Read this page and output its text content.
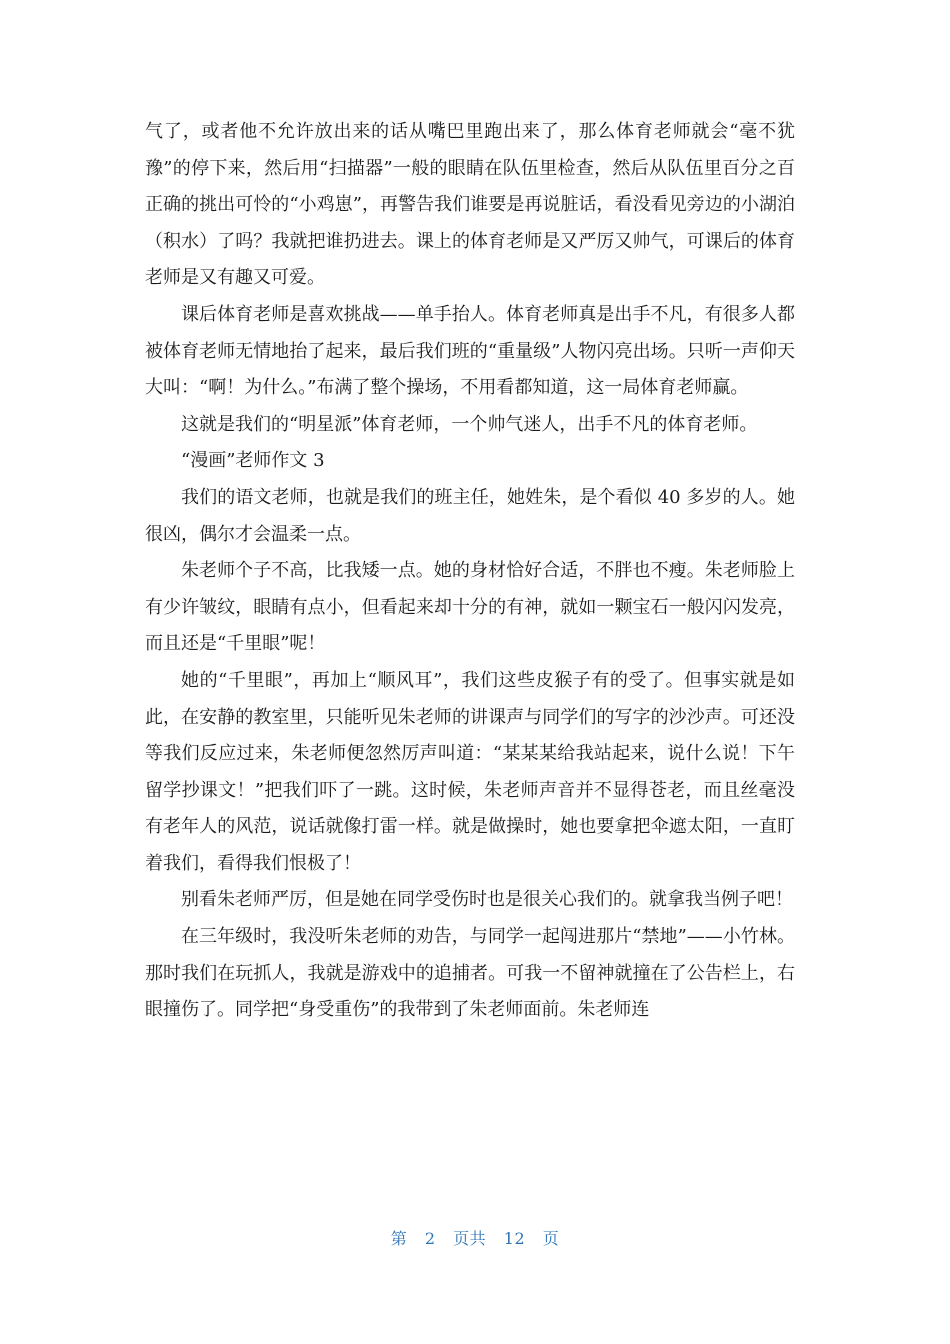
气了，或者他不允许放出来的话从嘴巴里跑出来了，那么体育老师就会“毫不犹豫”的停下来，然后用“扫描器”一般的眼睛在队伍里检查，然后从队伍里百分之百正确的挑出可怜的“小鸡崽”，再警告我们谁要是再说脏话，看没看见旁边的小湖泊（积水）了吗？我就把谁扔进去。课上的体育老师是又严厉又帅气，可课后的体育老师是又有趣又可爱。

课后体育老师是喜欢挑战——单手抬人。体育老师真是出手不凡，有很多人都被体育老师无情地抬了起来，最后我们班的“重量级”人物闪亮出场。只听一声仰天大叫：“啊！为什么。”布满了整个操场，不用看都知道，这一局体育老师赢。

这就是我们的“明星派”体育老师，一个帅气迷人，出手不凡的体育老师。

“漫画”老师作文 3

我们的语文老师，也就是我们的班主任，她姓朱，是个看似 40 多岁的人。她很凶，偶尔才会温柔一点。

朱老师个子不高，比我矮一点。她的身材恰好合适，不胖也不瘦。朱老师脸上有少许皱纹，眼睛有点小，但看起来却十分的有神，就如一颗宝石一般闪闪发亮，而且还是“千里眼”呢！

她的“千里眼”，再加上“顺风耳”，我们这些皮猴子有的受了。但事实就是如此，在安静的教室里，只能听见朱老师的讲课声与同学们的写字的沙沙声。可还没等我们反应过来，朱老师便忽然厉声叫道：“某某某给我站起来，说什么说！下午留学抄课文！”把我们吓了一跳。这时候，朱老师声音并不显得苍老，而且丝毫没有老年人的风范，说话就像打雷一样。就是做操时，她也要拿把伞遮太阳，一直盯着我们，看得我们恨极了！

别看朱老师严厉，但是她在同学受伤时也是很关心我们的。就拿我当例子吧！

在三年级时，我没听朱老师的劝告，与同学一起闯进那片“禁地”——小竹林。那时我们在玩抓人，我就是游戏中的追捕者。可我一不留神就撞在了公告栏上，右眼撞伤了。同学把“身受重伤”的我带到了朱老师面前。朱老师连

第 2 页共 12 页
